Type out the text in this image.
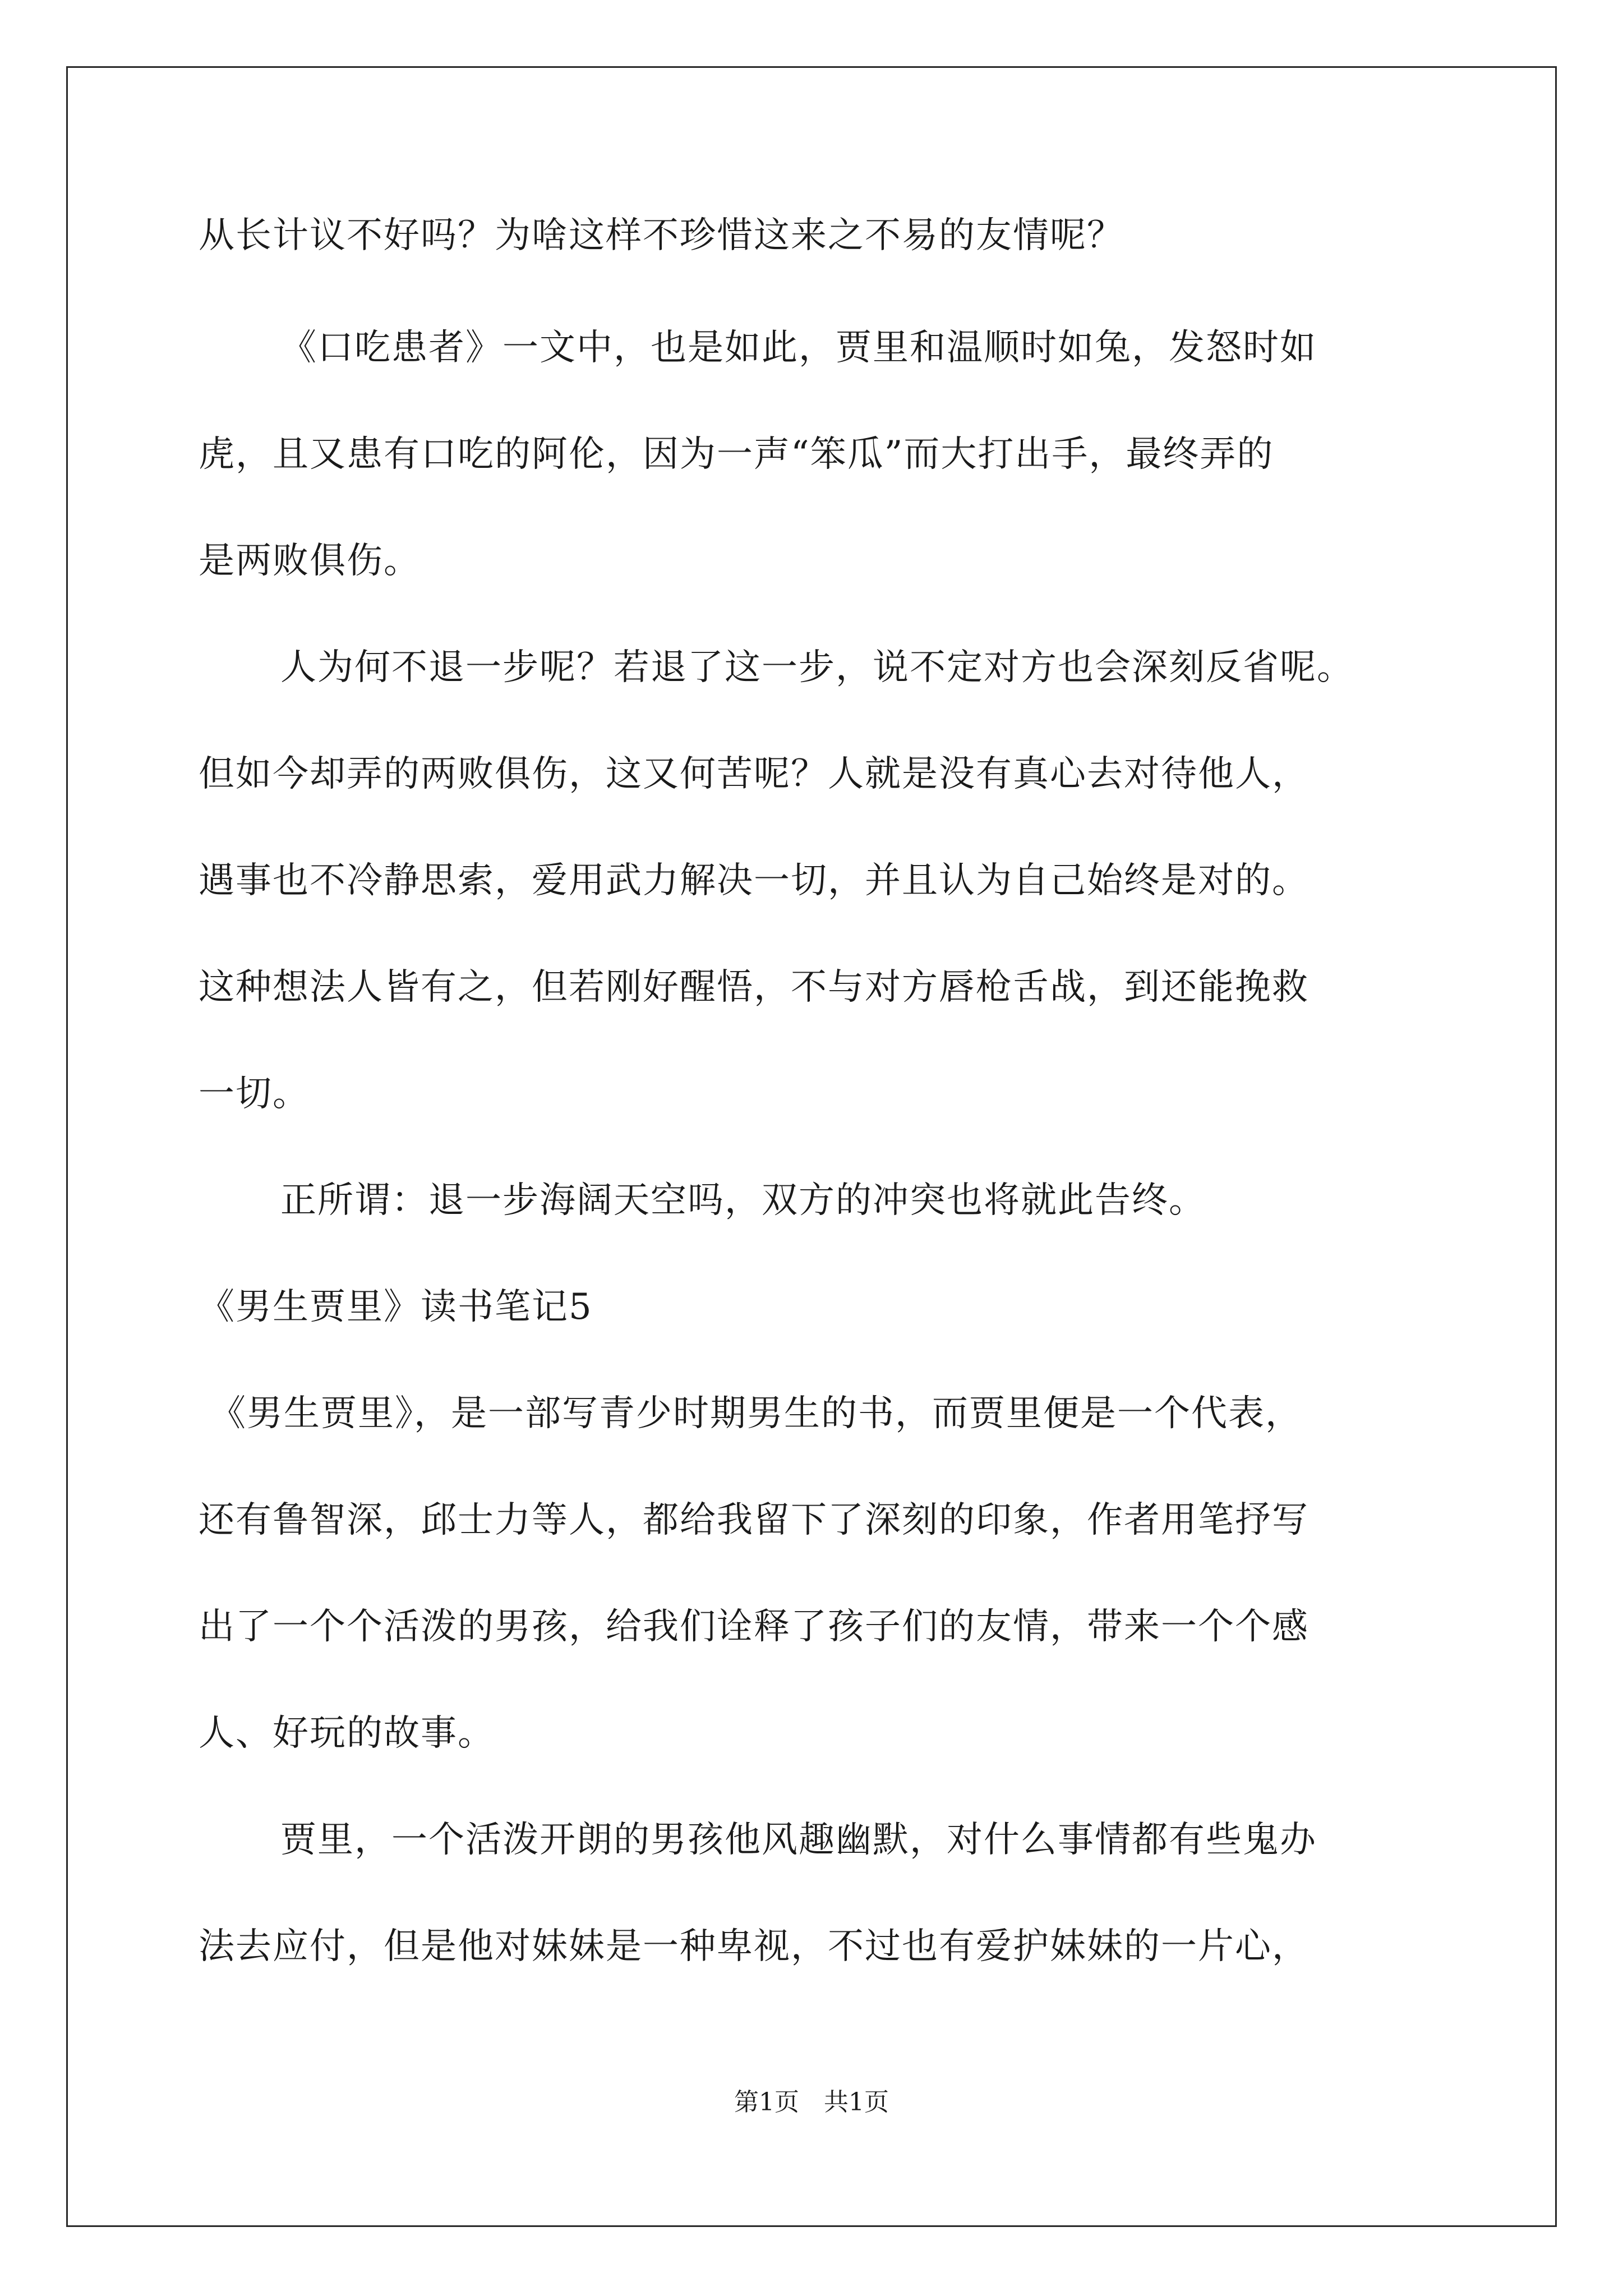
从长计议不好吗？为啥这样不珍惜这来之不易的友情呢？
《口吃患者》一文中，也是如此，贾里和温顺时如兔，发怒时如
虎，且又患有口吃的阿伦，因为一声“笨瓜”而大打出手，最终弄的
是两败俱伤。
人为何不退一步呢？若退了这一步，说不定对方也会深刻反省呢。
但如今却弄的两败俱伤，这又何苦呢？人就是没有真心去对待他人，
遇事也不冷静思索，爱用武力解决一切，并且认为自己始终是对的。
这种想法人皆有之，但若刚好醒悟，不与对方唇枪舌战，到还能挽救
一切。
正所谓：退一步海阔天空吗，双方的冲突也将就此告终。
《男生贾里》读书笔记5
《男生贾里》，是一部写青少时期男生的书，而贾里便是一个代表，
还有鲁智深，邱士力等人，都给我留下了深刻的印象，作者用笔抒写
出了一个个活泼的男孩，给我们诠释了孩子们的友情，带来一个个感
人、好玩的故事。
贾里，一个活泼开朗的男孩他风趣幽默，对什么事情都有些鬼办
法去应付，但是他对妹妹是一种卑视，不过也有爱护妹妹的一片心，
第1页　共1页
